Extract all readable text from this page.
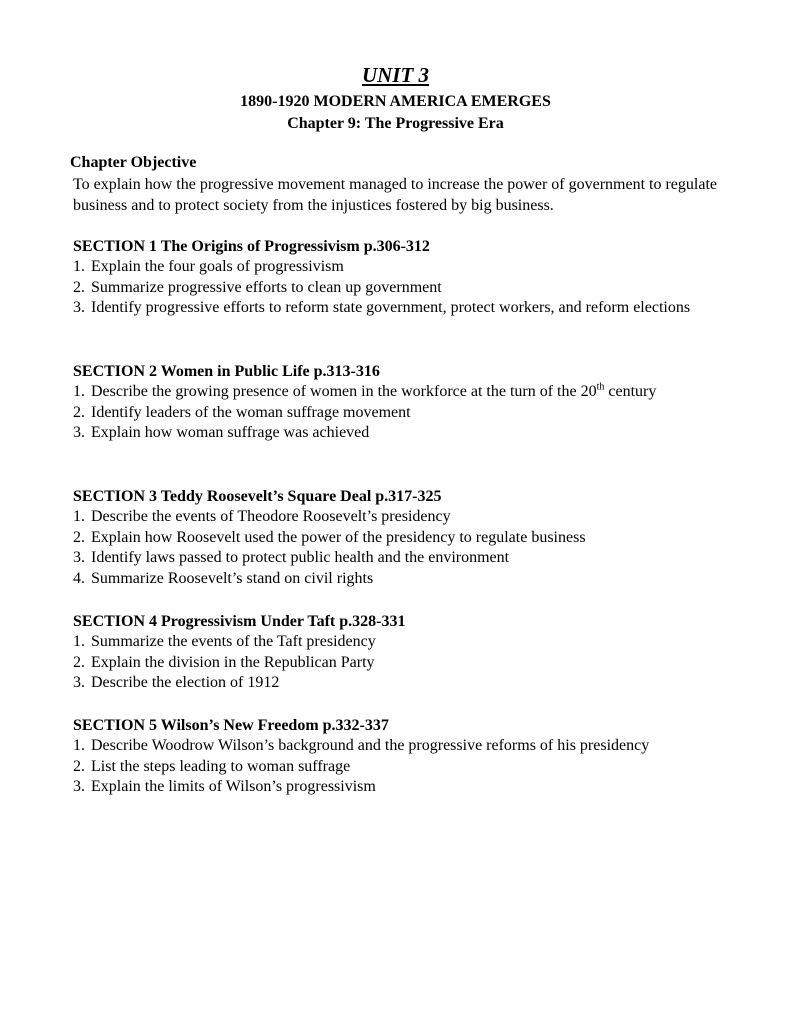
UNIT 3
1890-1920 MODERN AMERICA EMERGES
Chapter 9: The Progressive Era
Chapter Objective
To explain how the progressive movement managed to increase the power of government to regulate business and to protect society from the injustices fostered by big business.
SECTION 1 The Origins of Progressivism p.306-312
1. Explain the four goals of progressivism
2. Summarize progressive efforts to clean up government
3. Identify progressive efforts to reform state government, protect workers, and reform elections
SECTION 2 Women in Public Life p.313-316
1. Describe the growing presence of women in the workforce at the turn of the 20th century
2. Identify leaders of the woman suffrage movement
3. Explain how woman suffrage was achieved
SECTION 3 Teddy Roosevelt’s Square Deal p.317-325
1. Describe the events of Theodore Roosevelt’s presidency
2. Explain how Roosevelt used the power of the presidency to regulate business
3. Identify laws passed to protect public health and the environment
4. Summarize Roosevelt’s stand on civil rights
SECTION 4 Progressivism Under Taft p.328-331
1. Summarize the events of the Taft presidency
2. Explain the division in the Republican Party
3. Describe the election of 1912
SECTION 5 Wilson’s New Freedom p.332-337
1. Describe Woodrow Wilson’s background and the progressive reforms of his presidency
2. List the steps leading to woman suffrage
3. Explain the limits of Wilson’s progressivism
